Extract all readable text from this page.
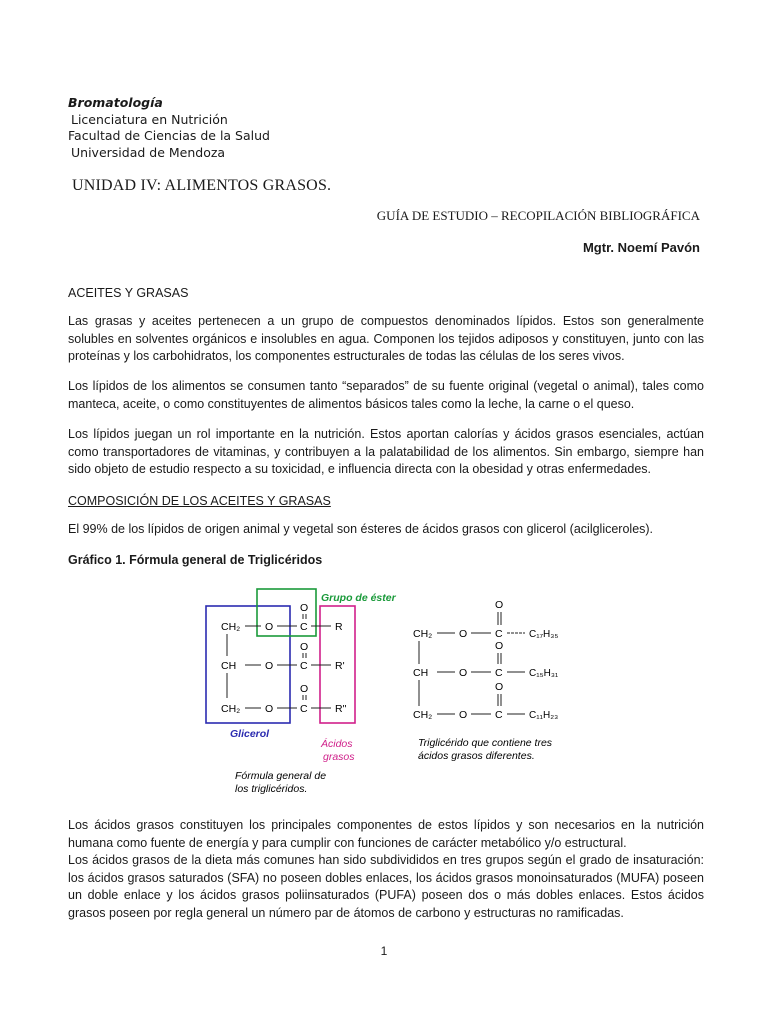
Bromatología
Licenciatura en Nutrición
Facultad de Ciencias de la Salud
Universidad de Mendoza
UNIDAD IV: ALIMENTOS GRASOS.
GUÍA DE ESTUDIO – RECOPILACIÓN BIBLIOGRÁFICA
Mgtr. Noemí Pavón
ACEITES Y GRASAS
Las grasas y aceites pertenecen a un grupo de compuestos denominados lípidos. Estos son generalmente solubles en solventes orgánicos e insolubles en agua. Componen los tejidos adiposos y constituyen, junto con las proteínas y los carbohidratos, los componentes estructurales de todas las células de los seres vivos.
Los lípidos de los alimentos se consumen tanto “separados” de su fuente original (vegetal o animal), tales como manteca, aceite, o como constituyentes de alimentos básicos tales como la leche, la carne o el queso.
Los lípidos juegan un rol importante en la nutrición. Estos aportan calorías y ácidos grasos esenciales, actúan como transportadores de vitaminas, y contribuyen a la palatabilidad de los alimentos. Sin embargo, siempre han sido objeto de estudio respecto a su toxicidad, e influencia directa con la obesidad y otras enfermedades.
COMPOSICIÓN DE LOS ACEITES Y GRASAS
El 99% de los lípidos de origen animal y vegetal son ésteres de ácidos grasos con glicerol (acilgliceroles).
Gráfico 1. Fórmula general de Triglicéridos
Grupo de éster
CH₂ O	C	R
O
CH	O	C	R'
O
CH₂ O	C	R"
O
Glicerol
Ácidos
grasos
Fórmula general de
los triglicéridos.
CH₂	O	C	C₁₇H₃₅
O
CH	O	C	C₁₅H₃₁
O
CH₂	O	C	C₁₁H₂₃
O
Triglicérido que contiene tres
ácidos grasos diferentes.
Los ácidos grasos constituyen los principales componentes de estos lípidos y son necesarios en la nutrición humana como fuente de energía y para cumplir con funciones de carácter metabólico y/o estructural.
Los ácidos grasos de la dieta más comunes han sido subdivididos en tres grupos según el grado de insaturación: los ácidos grasos saturados (SFA) no poseen dobles enlaces, los ácidos grasos monoinsaturados (MUFA) poseen un doble enlace y los ácidos grasos poliinsaturados (PUFA) poseen dos o más dobles enlaces. Estos ácidos grasos poseen por regla general un número par de átomos de carbono y estructuras no ramificadas.
1
